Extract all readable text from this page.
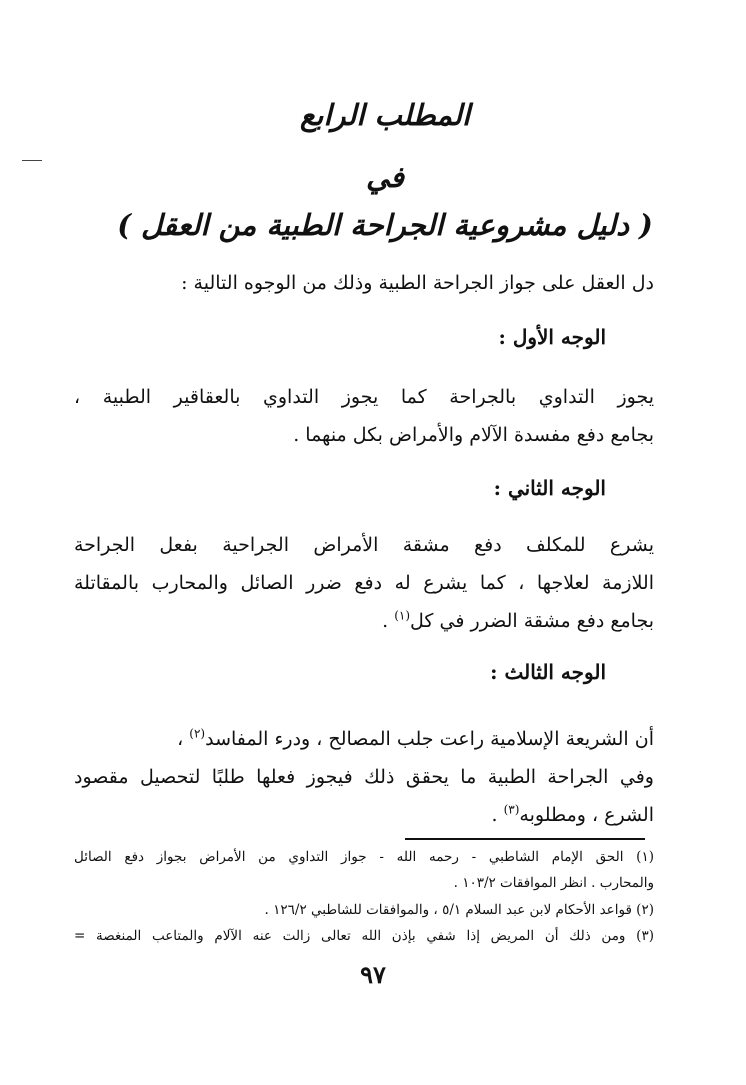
المطلب الرابع
في
( دليل مشروعية الجراحة الطبية من العقل )
دل العقل على جواز الجراحة الطبية وذلك من الوجوه التالية :
الوجه الأول :
يجوز التداوي بالجراحة كما يجوز التداوي بالعقاقير الطبية ،
بجامع دفع مفسدة الآلام والأمراض بكل منهما .
الوجه الثاني :
يشرع للمكلف دفع مشقة الأمراض الجراحية بفعل الجراحة
اللازمة لعلاجها ، كما يشرع له دفع ضرر الصائل والمحارب بالمقاتلة
بجامع دفع مشقة الضرر في كل$^{(١)}$ .
الوجه الثالث :
أن الشريعة الإسلامية راعت جلب المصالح ، ودرء المفاسد$^{(٢)}$ ،
وفي الجراحة الطبية ما يحقق ذلك فيجوز فعلها طلبًا لتحصيل مقصود
الشرع ، ومطلوبه$^{(٣)}$ .
(١) الحق الإمام الشاطبي - رحمه الله - جواز التداوي من الأمراض بجواز دفع الصائل
والمحارب . انظر الموافقات ١٠٣/٢ .
(٢) قواعد الأحكام لابن عبد السلام ٥/١ ، والموافقات للشاطبي ١٢٦/٢ .
(٣) ومن ذلك أن المريض إذا شفي بإذن الله تعالى زالت عنه الآلام والمتاعب المنغصة =
٩٧
